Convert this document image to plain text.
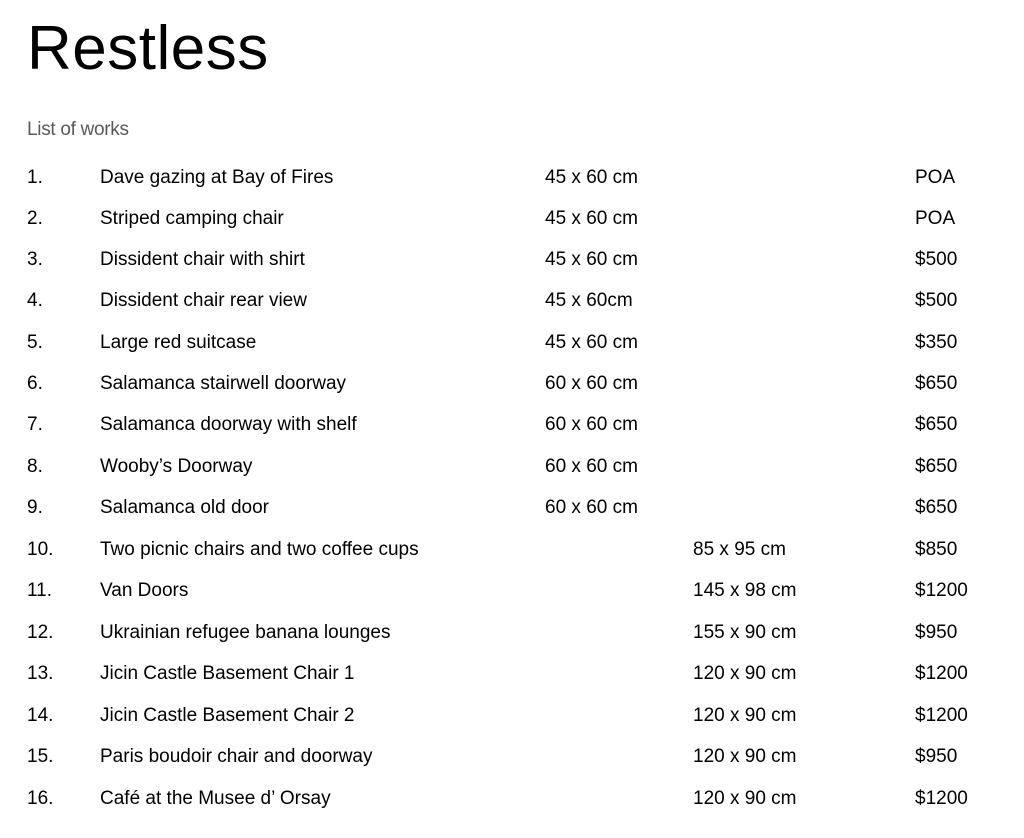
Restless
List of works
1.	Dave gazing at Bay of Fires	45 x 60 cm	POA
2.	Striped camping chair	45 x 60 cm	POA
3.	Dissident chair with shirt	45 x 60 cm	$500
4.	Dissident chair rear view	45 x 60cm	$500
5.	Large red suitcase	45 x 60 cm	$350
6.	Salamanca stairwell doorway	60 x 60 cm	$650
7.	Salamanca doorway with shelf	60 x 60 cm	$650
8.	Wooby’s Doorway	60 x 60 cm	$650
9.	Salamanca old door	60 x 60 cm	$650
10. Two picnic chairs and two coffee cups	85 x 95 cm	$850
11.	Van Doors	145 x 98 cm	$1200
12. Ukrainian refugee banana lounges	155 x 90 cm	$950
13. Jicin Castle Basement Chair 1	120 x 90 cm	$1200
14. Jicin Castle Basement Chair 2	120 x 90 cm	$1200
15. Paris boudoir chair and doorway	120 x 90 cm	$950
16. Café at the Musee d’ Orsay	120 x 90 cm	$1200
